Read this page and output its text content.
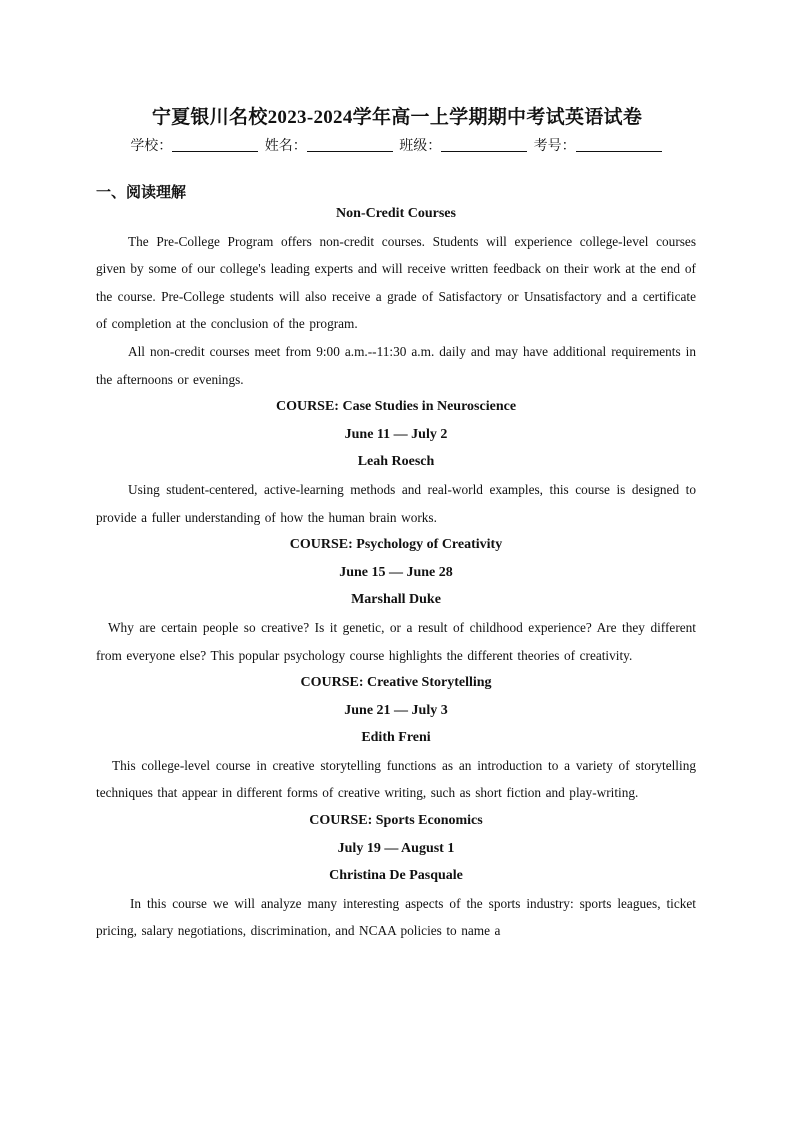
宁夏银川名校2023-2024学年高一上学期期中考试英语试卷
学校：	姓名：	班级：	考号：
一、阅读理解
Non-Credit Courses

The Pre-College Program offers non-credit courses. Students will experience college-level courses given by some of our college's leading experts and will receive written feedback on their work at the end of the course. Pre-College students will also receive a grade of Satisfactory or Unsatisfactory and a certificate of completion at the conclusion of the program.

All non-credit courses meet from 9:00 a.m.--11:30 a.m. daily and may have additional requirements in the afternoons or evenings.

COURSE: Case Studies in Neuroscience
June 11 — July 2
Leah Roesch

Using student-centered, active-learning methods and real-world examples, this course is designed to provide a fuller understanding of how the human brain works.

COURSE: Psychology of Creativity
June 15 — June 28
Marshall Duke

Why are certain people so creative? Is it genetic, or a result of childhood experience? Are they different from everyone else? This popular psychology course highlights the different theories of creativity.

COURSE: Creative Storytelling
June 21 — July 3
Edith Freni

This college-level course in creative storytelling functions as an introduction to a variety of storytelling techniques that appear in different forms of creative writing, such as short fiction and play-writing.

COURSE: Sports Economics
July 19 — August 1
Christina De Pasquale

In this course we will analyze many interesting aspects of the sports industry: sports leagues, ticket pricing, salary negotiations, discrimination, and NCAA policies to name a
